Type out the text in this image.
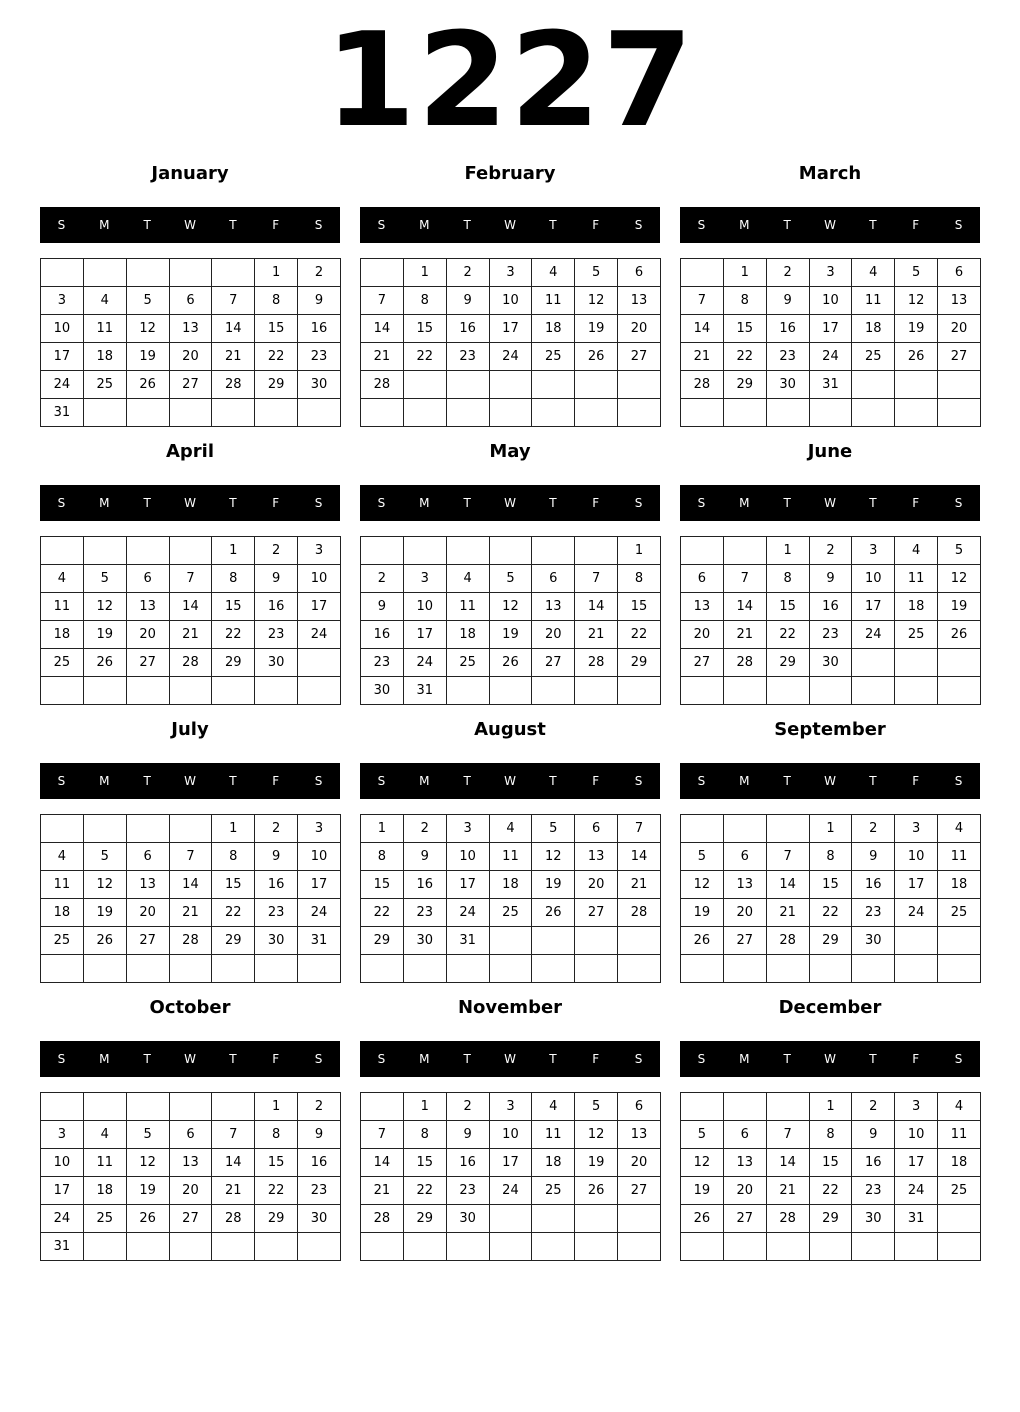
1227
January
S	M	T	W	T	F	S
					1	2
3	4	5	6	7	8	9
10	11	12	13	14	15	16
17	18	19	20	21	22	23
24	25	26	27	28	29	30
31						
February
S	M	T	W	T	F	S
	1	2	3	4	5	6
7	8	9	10	11	12	13
14	15	16	17	18	19	20
21	22	23	24	25	26	27
28						

March
S	M	T	W	T	F	S
	1	2	3	4	5	6
7	8	9	10	11	12	13
14	15	16	17	18	19	20
21	22	23	24	25	26	27
28	29	30	31			

April
S	M	T	W	T	F	S
				1	2	3
4	5	6	7	8	9	10
11	12	13	14	15	16	17
18	19	20	21	22	23	24
25	26	27	28	29	30	

May
S	M	T	W	T	F	S
						1
2	3	4	5	6	7	8
9	10	11	12	13	14	15
16	17	18	19	20	21	22
23	24	25	26	27	28	29
30	31					
June
S	M	T	W	T	F	S
		1	2	3	4	5
6	7	8	9	10	11	12
13	14	15	16	17	18	19
20	21	22	23	24	25	26
27	28	29	30			

July
S	M	T	W	T	F	S
				1	2	3
4	5	6	7	8	9	10
11	12	13	14	15	16	17
18	19	20	21	22	23	24
25	26	27	28	29	30	31

August
S	M	T	W	T	F	S
1	2	3	4	5	6	7
8	9	10	11	12	13	14
15	16	17	18	19	20	21
22	23	24	25	26	27	28
29	30	31				

September
S	M	T	W	T	F	S
			1	2	3	4
5	6	7	8	9	10	11
12	13	14	15	16	17	18
19	20	21	22	23	24	25
26	27	28	29	30		

October
S	M	T	W	T	F	S
					1	2
3	4	5	6	7	8	9
10	11	12	13	14	15	16
17	18	19	20	21	22	23
24	25	26	27	28	29	30
31						
November
S	M	T	W	T	F	S
	1	2	3	4	5	6
7	8	9	10	11	12	13
14	15	16	17	18	19	20
21	22	23	24	25	26	27
28	29	30				

December
S	M	T	W	T	F	S
			1	2	3	4
5	6	7	8	9	10	11
12	13	14	15	16	17	18
19	20	21	22	23	24	25
26	27	28	29	30	31	
